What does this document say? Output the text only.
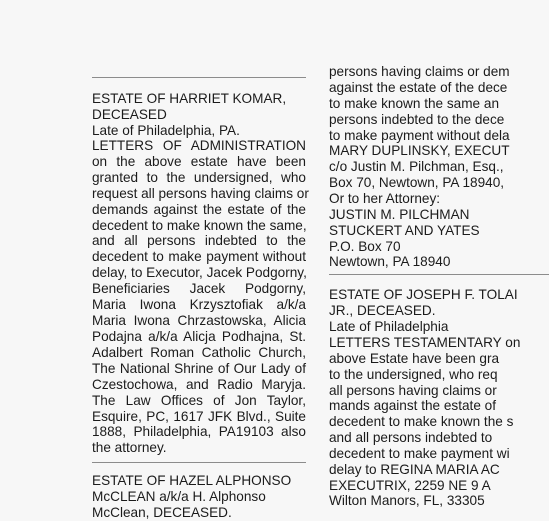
ESTATE OF HARRIET KOMAR,
DECEASED
Late of Philadelphia, PA.
LETTERS OF ADMINISTRATION
on the above estate have been
granted to the undersigned, who
request all persons having claims or
demands against the estate of the
decedent to make known the same,
and all persons indebted to the
decedent to make payment without
delay, to Executor, Jacek Podgorny,
Beneficiaries Jacek Podgorny,
Maria Iwona Krzysztofiak a/k/a
Maria Iwona Chrzastowska, Alicia
Podajna a/k/a Alicja Podhajna, St.
Adalbert Roman Catholic Church,
The National Shrine of Our Lady of
Czestochowa, and Radio Maryja.
The Law Offices of Jon Taylor,
Esquire, PC, 1617 JFK Blvd., Suite
1888, Philadelphia, PA19103 also
the attorney.
ESTATE OF HAZEL ALPHONSO
McCLEAN a/k/a H. Alphonso
McClean, DECEASED.
persons having claims or dem
against the estate of the dece
to make known the same an
persons indebted to the dece
to make payment without dela
MARY DUPLINSKY, EXECUT
c/o Justin M. Pilchman, Esq.,
Box 70, Newtown, PA 18940,
Or to her Attorney:
JUSTIN M. PILCHMAN
STUCKERT AND YATES
P.O. Box 70
Newtown, PA 18940
ESTATE OF JOSEPH F. TOLAI
JR., DECEASED.
Late of Philadelphia
LETTERS TESTAMENTARY on
above Estate have been gra
to the undersigned, who req
all persons having claims or
mands against the estate of
decedent to make known the s
and all persons indebted to
decedent to make payment wi
delay to REGINA MARIA AC
EXECUTRIX, 2259 NE 9 A
Wilton Manors, FL, 33305
